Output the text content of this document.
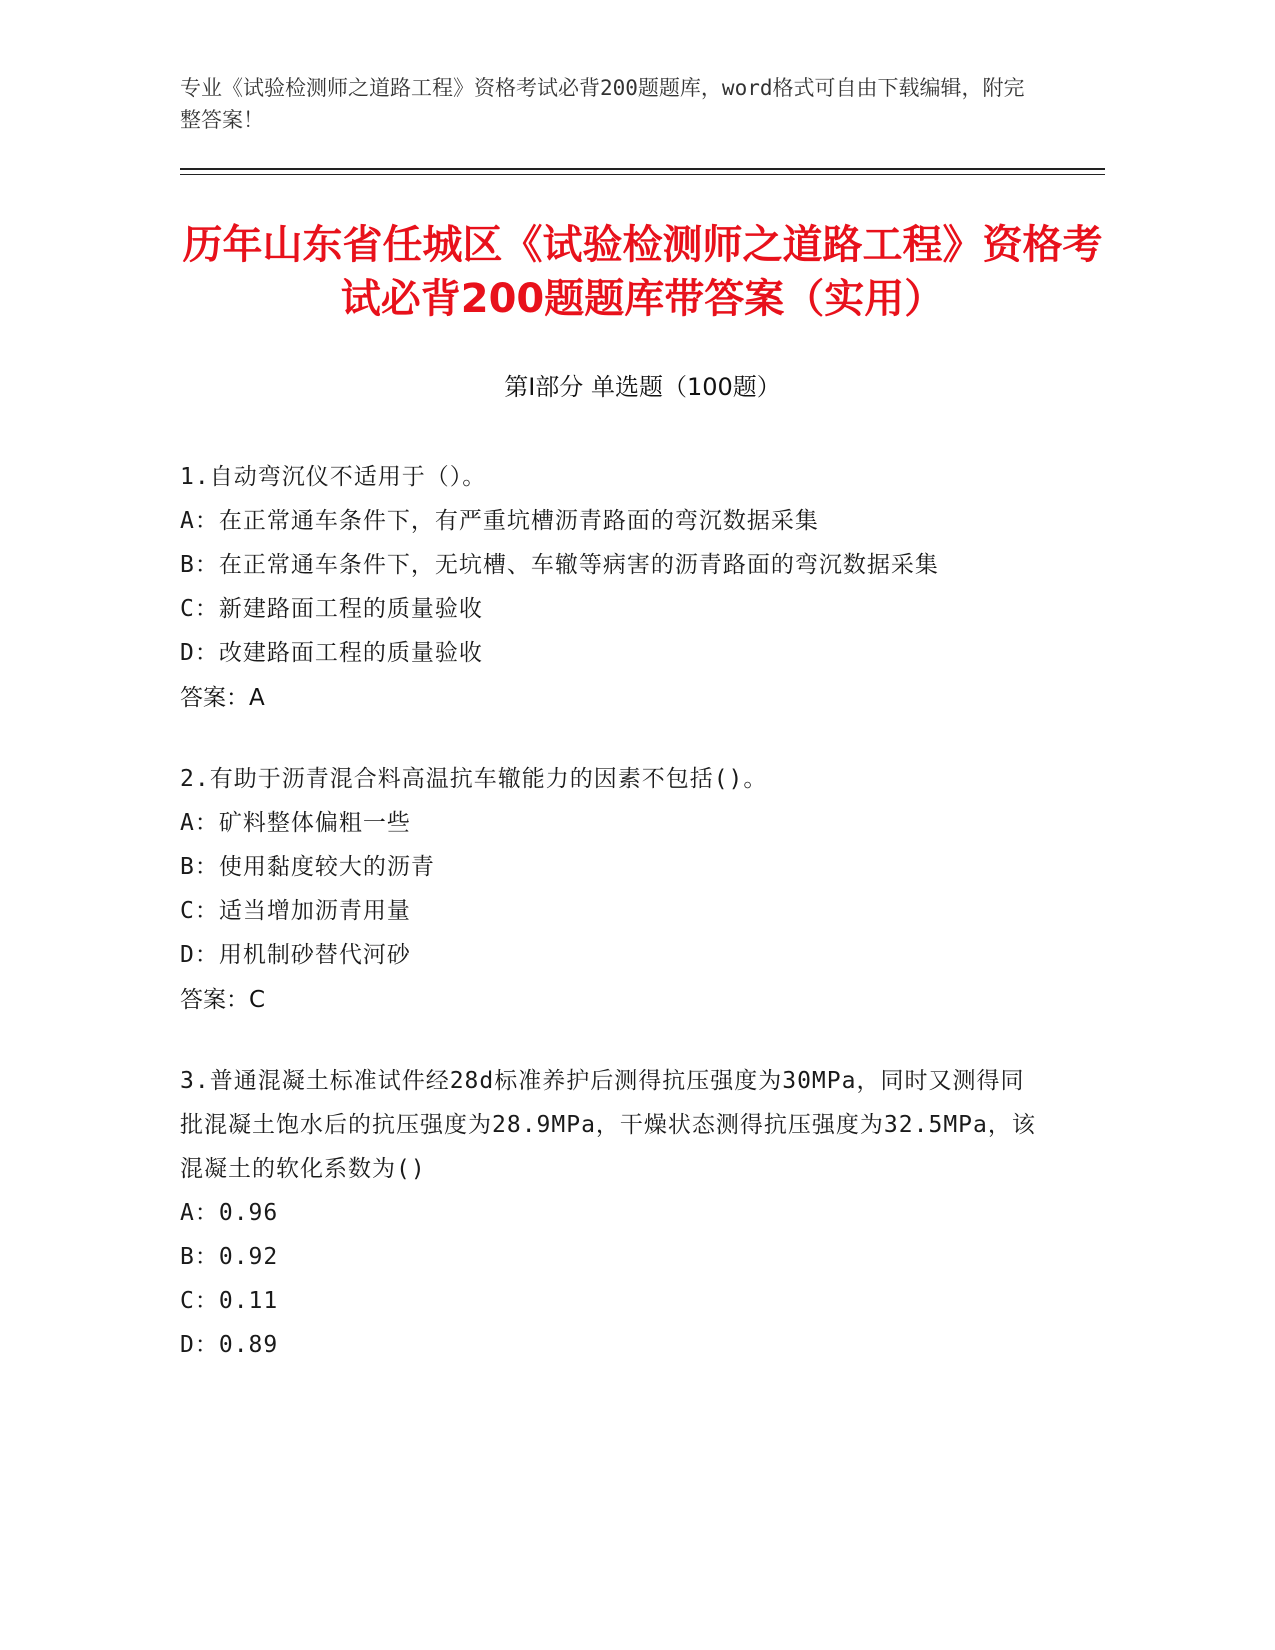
专业《试验检测师之道路工程》资格考试必背200题题库，word格式可自由下载编辑，附完整答案！
历年山东省任城区《试验检测师之道路工程》资格考试必背200题题库带答案（实用）
第Ⅰ部分 单选题（100题）

1.自动弯沉仪不适用于（）。

A：在正常通车条件下，有严重坑槽沥青路面的弯沉数据采集

B：在正常通车条件下，无坑槽、车辙等病害的沥青路面的弯沉数据采集

C：新建路面工程的质量验收

D：改建路面工程的质量验收

答案：A

2.有助于沥青混合料高温抗车辙能力的因素不包括()。

A：矿料整体偏粗一些

B：使用黏度较大的沥青

C：适当增加沥青用量

D：用机制砂替代河砂

答案：C

3.普通混凝土标准试件经28d标准养护后测得抗压强度为30MPa，同时又测得同批混凝土饱水后的抗压强度为28.9MPa，干燥状态测得抗压强度为32.5MPa，该混凝土的软化系数为()

A：0.96

B：0.92

C：0.11

D：0.89
